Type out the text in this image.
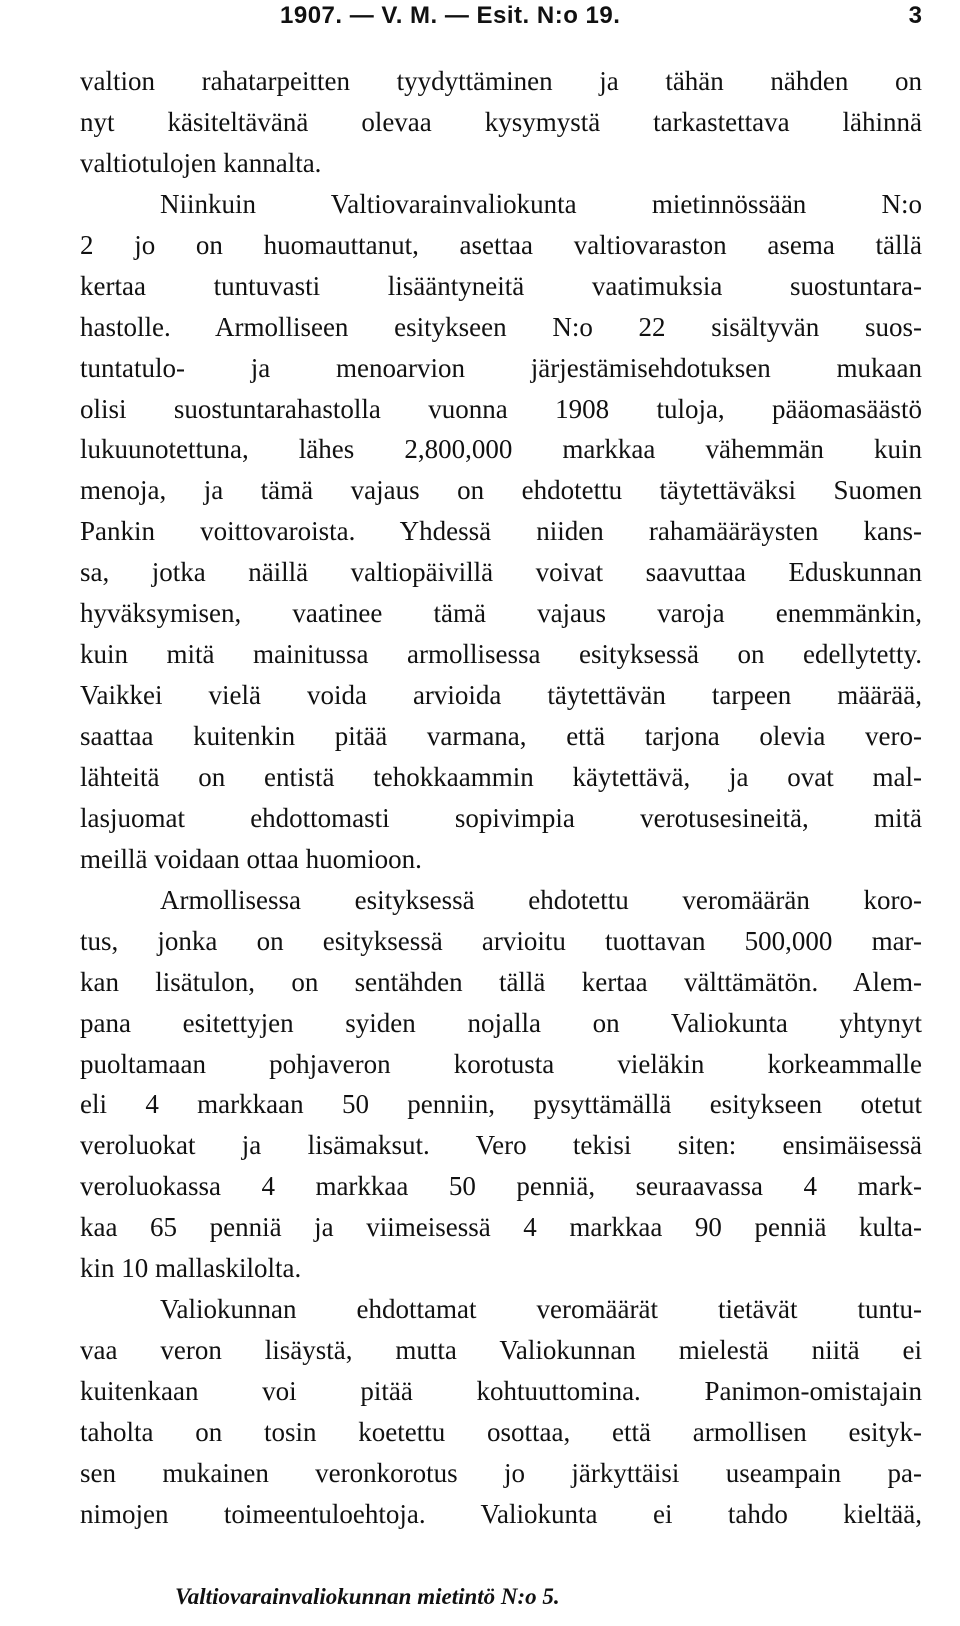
1907. — V. M. — Esit. N:o 19.	3
valtion rahatarpeitten tyydyttäminen ja tähän nähden on
nyt käsiteltävänä olevaa kysymystä tarkastettava lähinnä
valtiotulojen kannalta.
Niinkuin Valtiovarainvaliokunta mietinnössään N:o
2 jo on huomauttanut, asettaa valtiovaraston asema tällä
kertaa tuntuvasti lisääntyneitä vaatimuksia suostuntara-
hastolle. Armolliseen esitykseen N:o 22 sisältyvän suos-
tuntatulo- ja menoarvion järjestämisehdotuksen mukaan
olisi suostuntarahastolla vuonna 1908 tuloja, pääomasäästö
lukuunotettuna, lähes 2,800,000 markkaa vähemmän kuin
menoja, ja tämä vajaus on ehdotettu täytettäväksi Suomen
Pankin voittovaroista. Yhdessä niiden rahamääräysten kans-
sa, jotka näillä valtiopäivillä voivat saavuttaa Eduskunnan
hyväksymisen, vaatinee tämä vajaus varoja enemmänkin,
kuin mitä mainitussa armollisessa esityksessä on edellytetty.
Vaikkei vielä voida arvioida täytettävän tarpeen määrää,
saattaa kuitenkin pitää varmana, että tarjona olevia vero-
lähteitä on entistä tehokkaammin käytettävä, ja ovat mal-
lasjuomat ehdottomasti sopivimpia verotusesineitä, mitä
meillä voidaan ottaa huomioon.
Armollisessa esityksessä ehdotettu veromäärän koro-
tus, jonka on esityksessä arvioitu tuottavan 500,000 mar-
kan lisätulon, on sentähden tällä kertaa välttämätön. Alem-
pana esitettyjen syiden nojalla on Valiokunta yhtynyt
puoltamaan pohjaveron korotusta vieläkin korkeammalle
eli 4 markkaan 50 penniin, pysyttämällä esitykseen otetut
veroluokat ja lisämaksut. Vero tekisi siten: ensimäisessä
veroluokassa 4 markkaa 50 penniä, seuraavassa 4 mark-
kaa 65 penniä ja viimeisessä 4 markkaa 90 penniä kulta-
kin 10 mallaskilolta.
Valiokunnan ehdottamat veromäärät tietävät tuntu-
vaa veron lisäystä, mutta Valiokunnan mielestä niitä ei
kuitenkaan voi pitää kohtuuttomina. Panimon-omistajain
taholta on tosin koetettu osottaa, että armollisen esityk-
sen mukainen veronkorotus jo järkyttäisi useampain pa-
nimojen toimeentuloehtoja. Valiokunta ei tahdo kieltää,
Valtiovarainvaliokunnan mietintö N:o 5.
